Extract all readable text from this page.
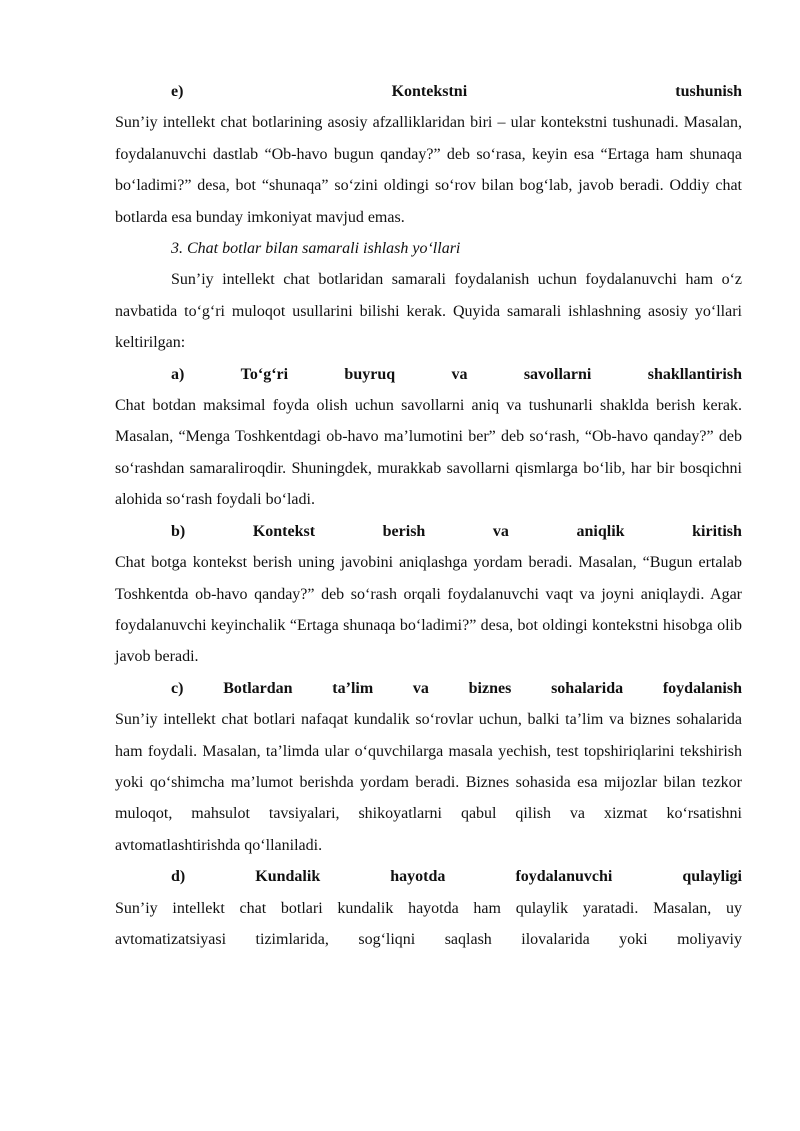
e)	Kontekstni	tushunish

Sun’iy intellekt chat botlarining asosiy afzalliklaridan biri – ular kontekstni tushunadi. Masalan, foydalanuvchi dastlab “Ob-havo bugun qanday?” deb so‘rasa, keyin esa “Ertaga ham shunaqa bo‘ladimi?” desa, bot “shunaqa” so‘zini oldingi so‘rov bilan bog‘lab, javob beradi. Oddiy chat botlarda esa bunday imkoniyat mavjud emas.

3. Chat botlar bilan samarali ishlash yo‘llari

Sun’iy intellekt chat botlaridan samarali foydalanish uchun foydalanuvchi ham o‘z navbatida to‘g‘ri muloqot usullarini bilishi kerak. Quyida samarali ishlashning asosiy yo‘llari keltirilgan:

a)	To‘g‘ri	buyruq	va	savollarni	shakllantirish

Chat botdan maksimal foyda olish uchun savollarni aniq va tushunarli shaklda berish kerak. Masalan, “Menga Toshkentdagi ob-havo ma’lumotini ber” deb so‘rash, “Ob-havo qanday?” deb so‘rashdan samaraliroqdir. Shuningdek, murakkab savollarni qismlarga bo‘lib, har bir bosqichni alohida so‘rash foydali bo‘ladi.

b)	Kontekst	berish	va	aniqlik	kiritish

Chat botga kontekst berish uning javobini aniqlashga yordam beradi. Masalan, “Bugun ertalab Toshkentda ob-havo qanday?” deb so‘rash orqali foydalanuvchi vaqt va joyni aniqlaydi. Agar foydalanuvchi keyinchalik “Ertaga shunaqa bo‘ladimi?” desa, bot oldingi kontekstni hisobga olib javob beradi.

c) Botlardan ta’lim va biznes sohalarida foydalanish

Sun’iy intellekt chat botlari nafaqat kundalik so‘rovlar uchun, balki ta’lim va biznes sohalarida ham foydali. Masalan, ta’limda ular o‘quvchilarga masala yechish, test topshiriqlarini tekshirish yoki qo‘shimcha ma’lumot berishda yordam beradi. Biznes sohasida esa mijozlar bilan tezkor muloqot, mahsulot tavsiyalari, shikoyatlarni qabul qilish va xizmat ko‘rsatishni avtomatlashtirishda qo‘llaniladi.

d)	Kundalik	hayotda	foydalanuvchi	qulayligi

Sun’iy intellekt chat botlari kundalik hayotda ham qulaylik yaratadi. Masalan, uy avtomatizatsiyasi tizimlarida, sog‘liqni saqlash ilovalarida yoki moliyaviy
